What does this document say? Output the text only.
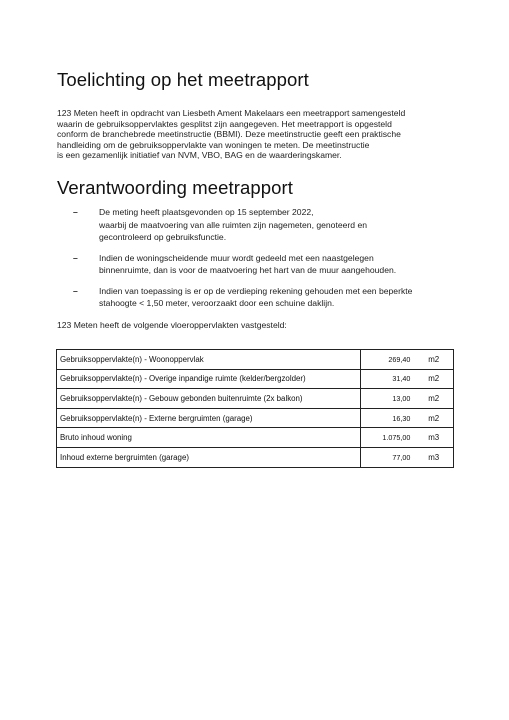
Toelichting op het meetrapport

123 Meten heeft in opdracht van Liesbeth Ament Makelaars een meetrapport samengesteld
waarin de gebruiksoppervlaktes gesplitst zijn aangegeven. Het meetrapport is opgesteld
conform de branchebrede meetinstructie (BBMI). Deze meetinstructie geeft een praktische
handleiding om de gebruiksoppervlakte van woningen te meten. De meetinstructie
is een gezamenlijk initiatief van NVM, VBO, BAG en de waarderingskamer.

Verantwoording meetrapport
– De meting heeft plaatsgevonden op 15 september 2022,
waarbij de maatvoering van alle ruimten zijn nagemeten, genoteerd en
gecontroleerd op gebruiksfunctie.
– Indien de woningscheidende muur wordt gedeeld met een naastgelegen
binnenruimte, dan is voor de maatvoering het hart van de muur aangehouden.
– Indien van toepassing is er op de verdieping rekening gehouden met een beperkte
stahoogte < 1,50 meter, veroorzaakt door een schuine daklijn.

123 Meten heeft de volgende vloeroppervlakten vastgesteld:

Gebruiksoppervlakte(n) - Woonoppervlak	269,40	m2
Gebruiksoppervlakte(n) - Overige inpandige ruimte (kelder/bergzolder)	31,40	m2
Gebruiksoppervlakte(n) - Gebouw gebonden buitenruimte (2x balkon)	13,00	m2
Gebruiksoppervlakte(n) - Externe bergruimten (garage)	16,30	m2
Bruto inhoud woning	1.075,00	m3
Inhoud externe bergruimten (garage)	77,00	m3
